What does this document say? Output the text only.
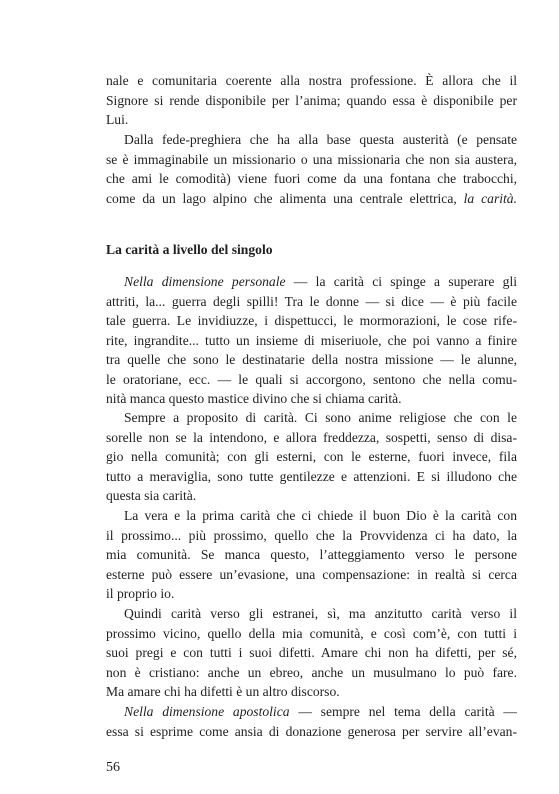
nale e comunitaria coerente alla nostra professione. È allora che il
Signore si rende disponibile per l’anima; quando essa è disponibile per
Lui.
Dalla fede-preghiera che ha alla base questa austerità (e pensate
se è immaginabile un missionario o una missionaria che non sia austera,
che ami le comodità) viene fuori come da una fontana che trabocchi,
come da un lago alpino che alimenta una centrale elettrica, la carità.
La carità a livello del singolo
Nella dimensione personale — la carità ci spinge a superare gli
attriti, la... guerra degli spilli! Tra le donne — si dice — è più facile
tale guerra. Le invidiuzze, i dispettucci, le mormorazioni, le cose rife-
rite, ingrandite... tutto un insieme di miseriuole, che poi vanno a finire
tra quelle che sono le destinatarie della nostra missione — le alunne,
le oratoriane, ecc. — le quali si accorgono, sentono che nella comu-
nità manca questo mastice divino che si chiama carità.
Sempre a proposito di carità. Ci sono anime religiose che con le
sorelle non se la intendono, e allora freddezza, sospetti, senso di disa-
gio nella comunità; con gli esterni, con le esterne, fuori invece, fila
tutto a meraviglia, sono tutte gentilezze e attenzioni. E si illudono che
questa sia carità.
La vera e la prima carità che ci chiede il buon Dio è la carità con
il prossimo... più prossimo, quello che la Provvidenza ci ha dato, la
mia comunità. Se manca questo, l’atteggiamento verso le persone
esterne può essere un’evasione, una compensazione: in realtà si cerca
il proprio io.
Quindi carità verso gli estranei, sì, ma anzitutto carità verso il
prossimo vicino, quello della mia comunità, e così com’è, con tutti i
suoi pregi e con tutti i suoi difetti. Amare chi non ha difetti, per sé,
non è cristiano: anche un ebreo, anche un musulmano lo può fare.
Ma amare chi ha difetti è un altro discorso.
Nella dimensione apostolica — sempre nel tema della carità —
essa si esprime come ansia di donazione generosa per servire all’evan-
56
